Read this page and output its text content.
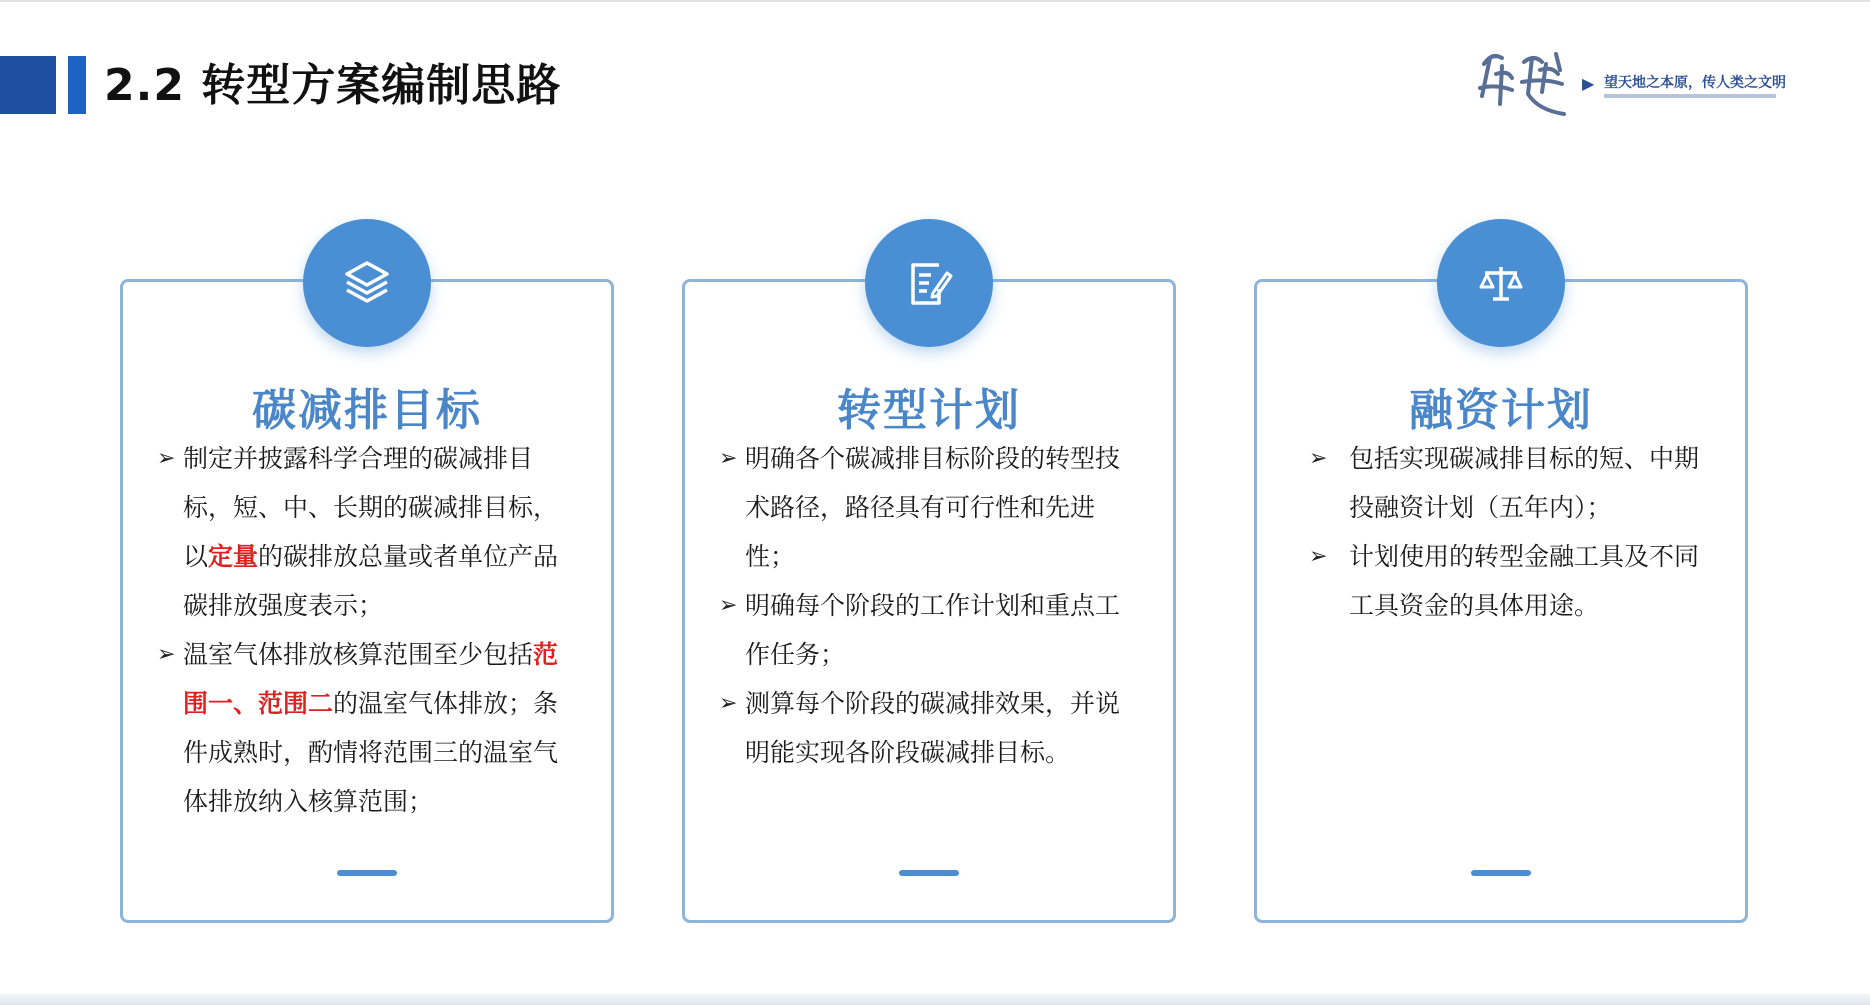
2.2 转型方案编制思路	▶ 望天地之本原，传人类之文明
碳减排目标
➢ 制定并披露科学合理的碳减排目标，短、中、长期的碳减排目标，以定量的碳排放总量或者单位产品碳排放强度表示；
➢ 温室气体排放核算范围至少包括范围一、范围二的温室气体排放；条件成熟时，酌情将范围三的温室气体排放纳入核算范围；
转型计划
➢ 明确各个碳减排目标阶段的转型技术路径，路径具有可行性和先进性；
➢ 明确每个阶段的工作计划和重点工作任务；
➢ 测算每个阶段的碳减排效果，并说明能实现各阶段碳减排目标。
融资计划
➢ 包括实现碳减排目标的短、中期投融资计划（五年内）；
➢ 计划使用的转型金融工具及不同工具资金的具体用途。
